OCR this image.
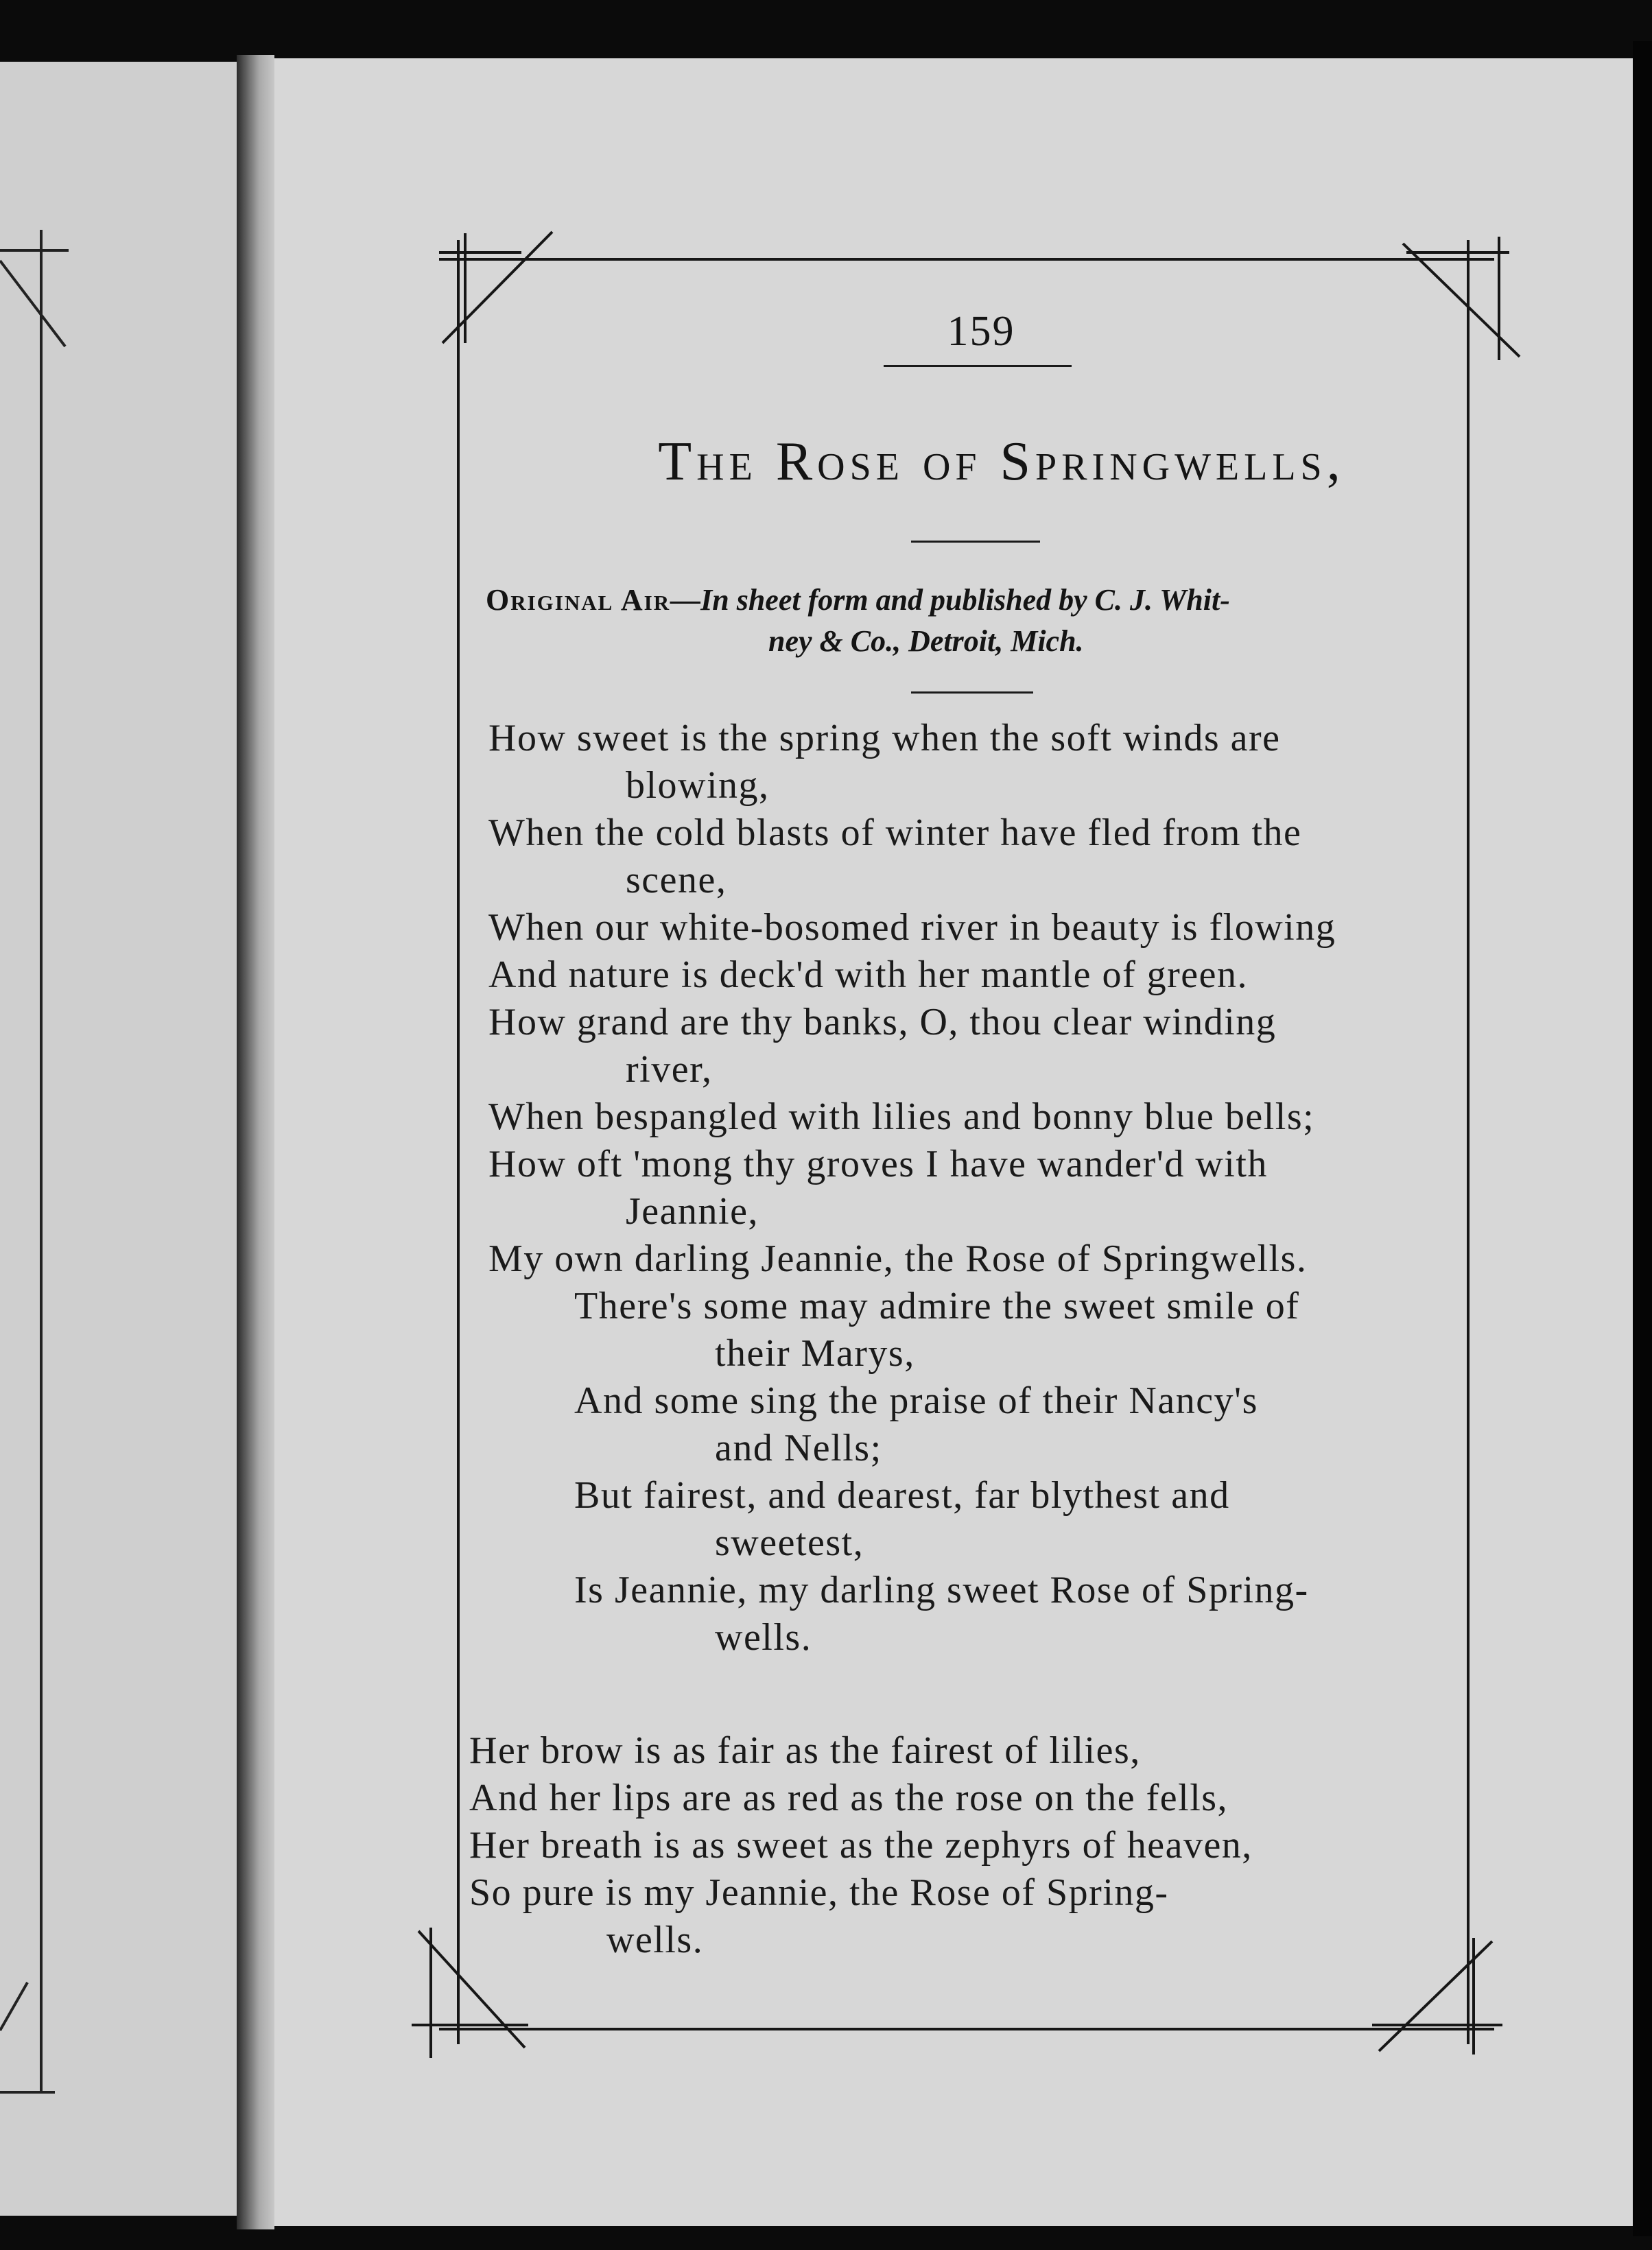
159
The Rose of Springwells,
Original Air—In sheet form and published by C. J. Whit-
ney & Co., Detroit, Mich.
How sweet is the spring when the soft winds are
blowing,
When the cold blasts of winter have fled from the
scene,
When our white-bosomed river in beauty is flowing
And nature is deck'd with her mantle of green.
How grand are thy banks, O, thou clear winding
river,
When bespangled with lilies and bonny blue bells;
How oft 'mong thy groves I have wander'd with
Jeannie,
My own darling Jeannie, the Rose of Springwells.
There's some may admire the sweet smile of
their Marys,
And some sing the praise of their Nancy's
and Nells;
But fairest, and dearest, far blythest and
sweetest,
Is Jeannie, my darling sweet Rose of Spring-
wells.
Her brow is as fair as the fairest of lilies,
And her lips are as red as the rose on the fells,
Her breath is as sweet as the zephyrs of heaven,
So pure is my Jeannie, the Rose of Spring-
wells.
